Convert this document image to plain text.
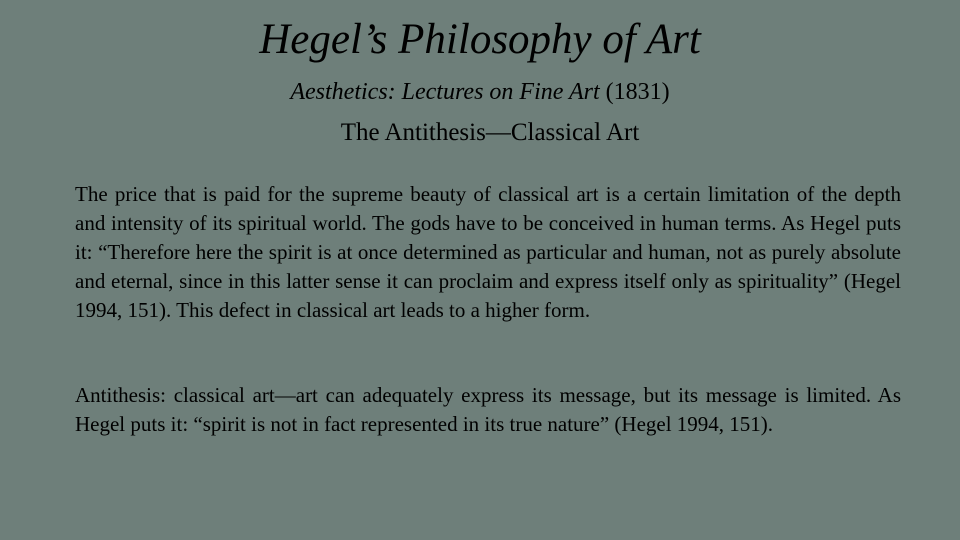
Hegel’s Philosophy of Art

Aesthetics: Lectures on Fine Art (1831)

The Antithesis—Classical Art

The price that is paid for the supreme beauty of classical art is a certain limitation of the depth and intensity of its spiritual world. The gods have to be conceived in human terms. As Hegel puts it: “Therefore here the spirit is at once determined as particular and human, not as purely absolute and eternal, since in this latter sense it can proclaim and express itself only as spirituality” (Hegel 1994, 151). This defect in classical art leads to a higher form.

Antithesis: classical art—art can adequately express its message, but its message is limited. As Hegel puts it: “spirit is not in fact represented in its true nature” (Hegel 1994, 151).
